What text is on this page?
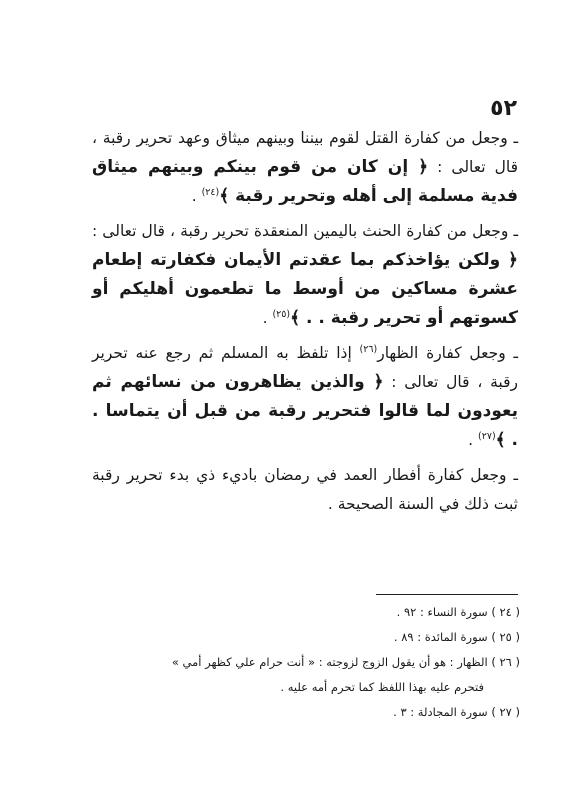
٥٢

ـ وجعل من كفارة القتل لقوم بيننا وبينهم ميثاق وعهد تحرير رقبة ، قال تعالى : ﴿ إن كان من قوم بينكم وبينهم ميثاق فدية مسلمة إلى أهله وتحرير رقبة ﴾$^{(٢٤)}$ .

ـ وجعل من كفارة الحنث باليمين المنعقدة تحرير رقبة ، قال تعالى : ﴿ ولكن يؤاخذكم بما عقدتم الأيمان فكفارته إطعام عشرة مساكين من أوسط ما تطعمون أهليكم أو كسوتهم أو تحرير رقبة . . ﴾$^{(٢٥)}$ .

ـ وجعل كفارة الظهار$^{(٢٦)}$ إذا تلفظ به المسلم ثم رجع عنه تحرير رقبة ، قال تعالى : ﴿ والذين يظاهرون من نسائهم ثم يعودون لما قالوا فتحرير رقبة من قبل أن يتماسا . . ﴾$^{(٢٧)}$ .

ـ وجعل كفارة أفطار العمد في رمضان باديء ذي بدء تحرير رقبة ثبت ذلك في السنة الصحيحة .

( ٢٤ ) سورة النساء : ٩٢ .

( ٢٥ ) سورة المائدة : ٨٩ .

( ٢٦ ) الظهار : هو أن يقول الزوج لزوجته : « أنت حرام علي كظهر أمي »

فتحرم عليه بهذا اللفظ كما تحرم أمه عليه .

( ٢٧ ) سورة المجادلة : ٣ .
